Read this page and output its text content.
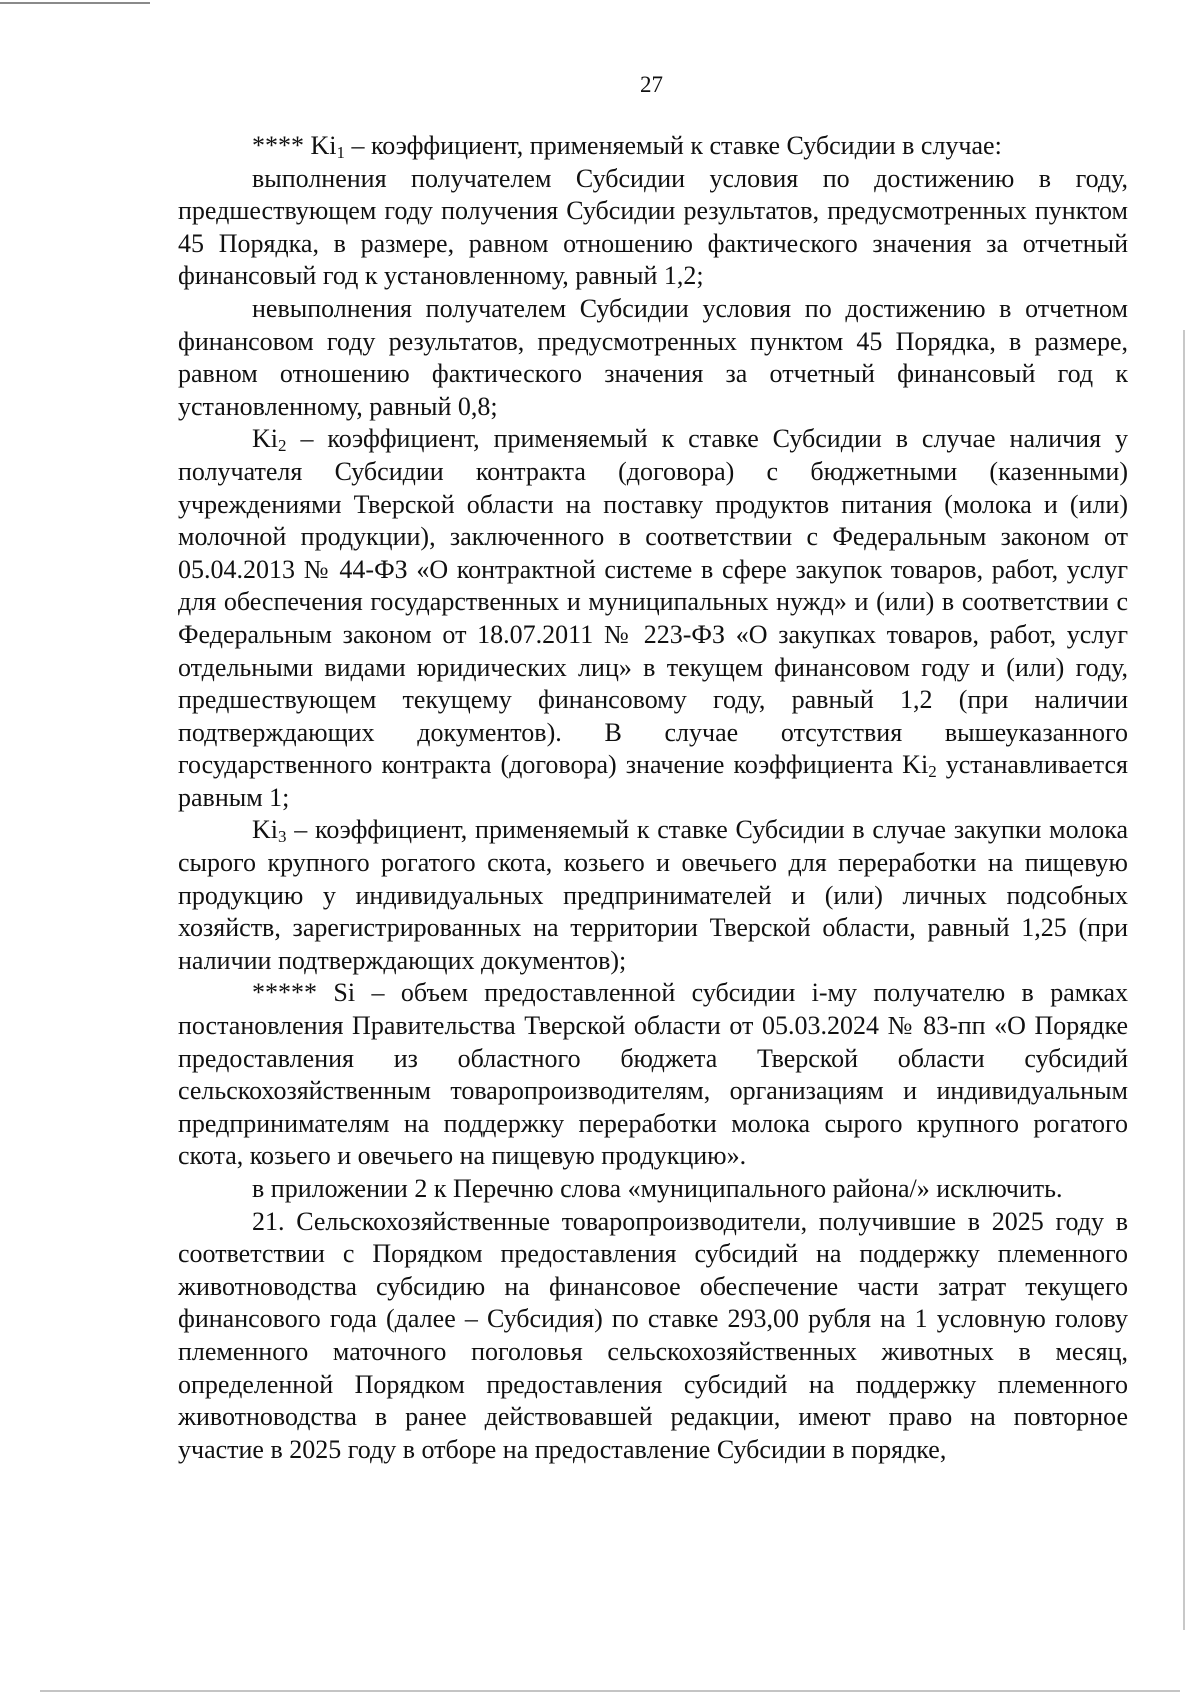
27

**** $Ki_1$ – коэффициент, применяемый к ставке Субсидии в случае:

выполнения получателем Субсидии условия по достижению в году, предшествующем году получения Субсидии результатов, предусмотренных пунктом 45 Порядка, в размере, равном отношению фактического значения за отчетный финансовый год к установленному, равный 1,2;

невыполнения получателем Субсидии условия по достижению в отчетном финансовом году результатов, предусмотренных пунктом 45 Порядка, в размере, равном отношению фактического значения за отчетный финансовый год к установленному, равный 0,8;

$Ki_2$ – коэффициент, применяемый к ставке Субсидии в случае наличия у получателя Субсидии контракта (договора) с бюджетными (казенными) учреждениями Тверской области на поставку продуктов питания (молока и (или) молочной продукции), заключенного в соответствии с Федеральным законом от 05.04.2013 № 44-ФЗ «О контрактной системе в сфере закупок товаров, работ, услуг для обеспечения государственных и муниципальных нужд» и (или) в соответствии с Федеральным законом от 18.07.2011 № 223-ФЗ «О закупках товаров, работ, услуг отдельными видами юридических лиц» в текущем финансовом году и (или) году, предшествующем текущему финансовому году, равный 1,2 (при наличии подтверждающих документов). В случае отсутствия вышеуказанного государственного контракта (договора) значение коэффициента $Ki_2$ устанавливается равным 1;

$Ki_3$ – коэффициент, применяемый к ставке Субсидии в случае закупки молока сырого крупного рогатого скота, козьего и овечьего для переработки на пищевую продукцию у индивидуальных предпринимателей и (или) личных подсобных хозяйств, зарегистрированных на территории Тверской области, равный 1,25 (при наличии подтверждающих документов);

***** Si – объем предоставленной субсидии i-му получателю в рамках постановления Правительства Тверской области от 05.03.2024 № 83-пп «О Порядке предоставления из областного бюджета Тверской области субсидий сельскохозяйственным товаропроизводителям, организациям и индивидуальным предпринимателям на поддержку переработки молока сырого крупного рогатого скота, козьего и овечьего на пищевую продукцию».

в приложении 2 к Перечню слова «муниципального района/» исключить.

21. Сельскохозяйственные товаропроизводители, получившие в 2025 году в соответствии с Порядком предоставления субсидий на поддержку племенного животноводства субсидию на финансовое обеспечение части затрат текущего финансового года (далее – Субсидия) по ставке 293,00 рубля на 1 условную голову племенного маточного поголовья сельскохозяйственных животных в месяц, определенной Порядком предоставления субсидий на поддержку племенного животноводства в ранее действовавшей редакции, имеют право на повторное участие в 2025 году в отборе на предоставление Субсидии в порядке,
